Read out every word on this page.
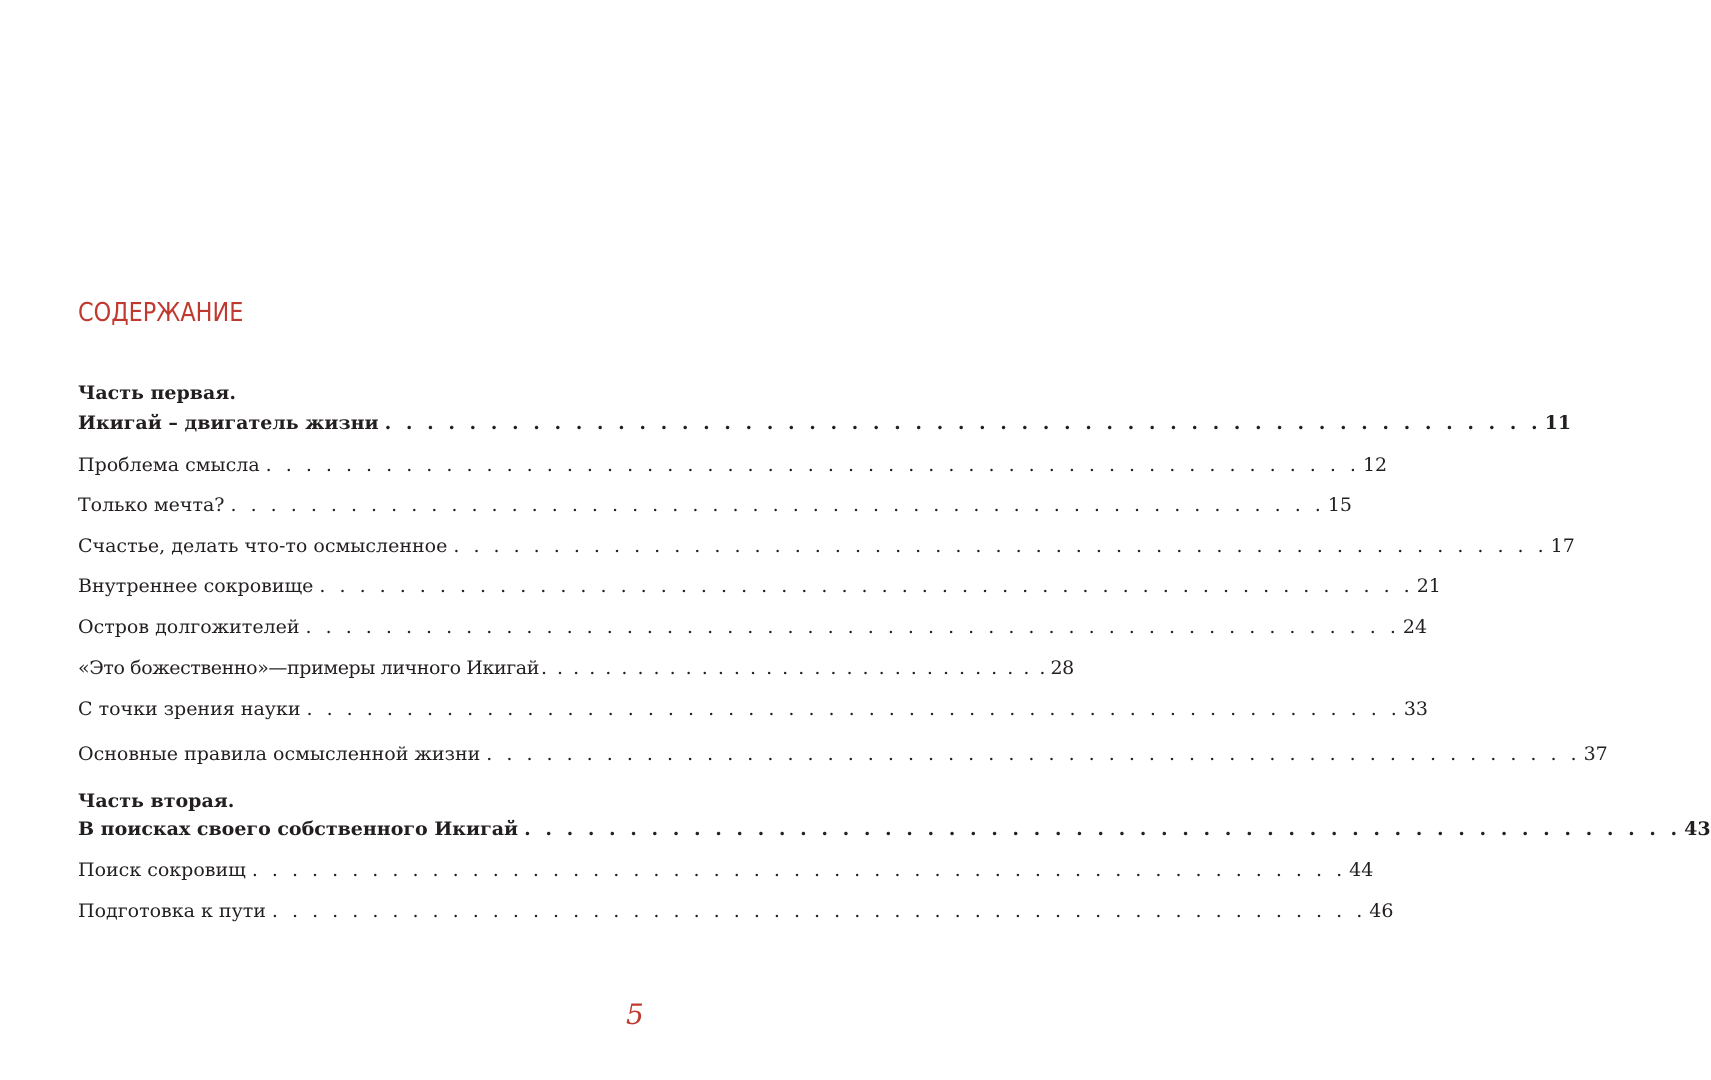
СОДЕРЖАНИЕ
Часть первая.
Икигай – двигатель жизни . . . . . . . . . . . . . . . . . . . . . . . . . . . . . . . . . . . . . . . . . . . . . . . . . . . . . . . 11
Проблема смысла . . . . . . . . . . . . . . . . . . . . . . . . . . . . . . . . . . . . . . . . . . . . . . . . . . . . . . . 12
Только мечта? . . . . . . . . . . . . . . . . . . . . . . . . . . . . . . . . . . . . . . . . . . . . . . . . . . . . . . . 15
Счастье, делать что-то осмысленное . . . . . . . . . . . . . . . . . . . . . . . . . . . . . . . . . . . . . . . . . . . . . . . . . . . . . . . 17
Внутреннее сокровище . . . . . . . . . . . . . . . . . . . . . . . . . . . . . . . . . . . . . . . . . . . . . . . . . . . . . . . 21
Остров долгожителей . . . . . . . . . . . . . . . . . . . . . . . . . . . . . . . . . . . . . . . . . . . . . . . . . . . . . . . 24
«Это божественно»—примеры личного Икигай . . . . . . . . . . . . . . . . . . . . . . . . . . . . . . . . 28
С точки зрения науки . . . . . . . . . . . . . . . . . . . . . . . . . . . . . . . . . . . . . . . . . . . . . . . . . . . . . . . 33
Основные правила осмысленной жизни . . . . . . . . . . . . . . . . . . . . . . . . . . . . . . . . . . . . . . . . . . . . . . . . . . . . . . . 37
Часть вторая.
В поисках своего собственного Икигай . . . . . . . . . . . . . . . . . . . . . . . . . . . . . . . . . . . . . . . . . . . . . . . . . . . . . . . 43
Поиск сокровищ . . . . . . . . . . . . . . . . . . . . . . . . . . . . . . . . . . . . . . . . . . . . . . . . . . . . . . . 44
Подготовка к пути . . . . . . . . . . . . . . . . . . . . . . . . . . . . . . . . . . . . . . . . . . . . . . . . . . . . . . . 46
5
